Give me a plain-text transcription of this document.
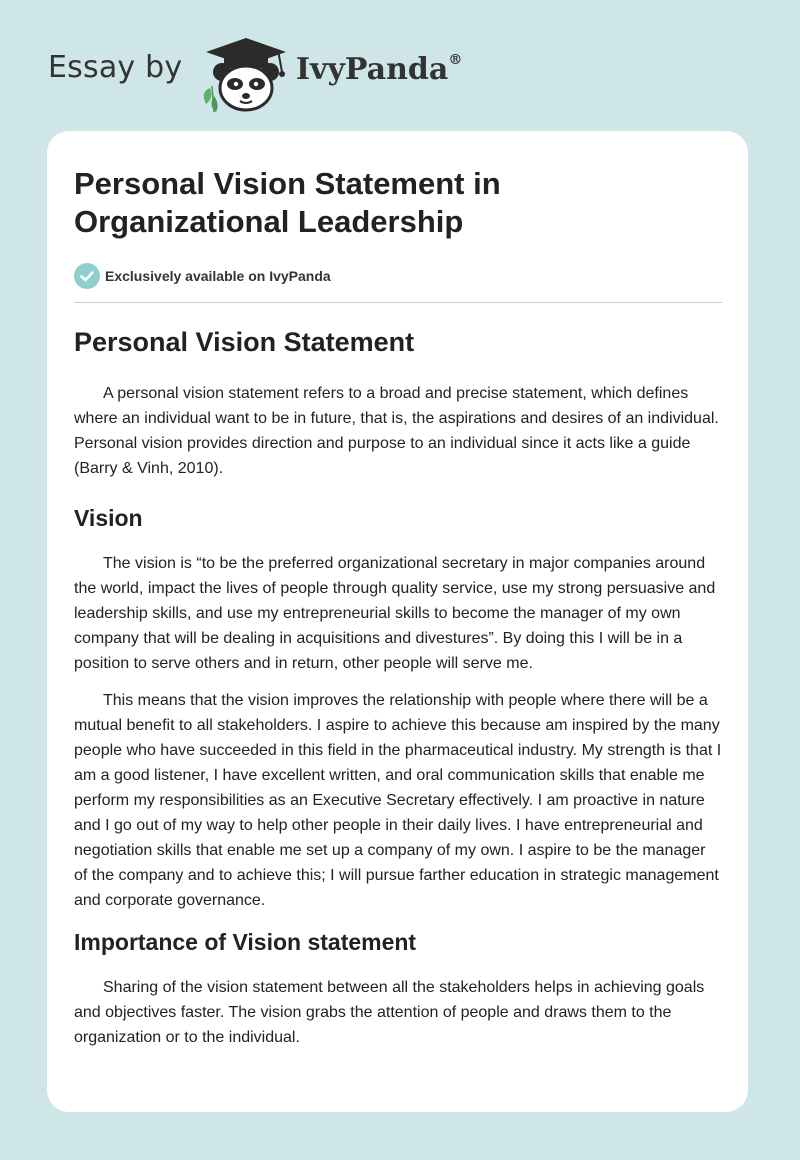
Essay by	IvyPanda®
Personal Vision Statement in Organizational Leadership
Exclusively available on IvyPanda
Personal Vision Statement

A personal vision statement refers to a broad and precise statement, which defines where an individual want to be in future, that is, the aspirations and desires of an individual. Personal vision provides direction and purpose to an individual since it acts like a guide (Barry & Vinh, 2010).

Vision

The vision is “to be the preferred organizational secretary in major companies around the world, impact the lives of people through quality service, use my strong persuasive and leadership skills, and use my entrepreneurial skills to become the manager of my own company that will be dealing in acquisitions and divestures”. By doing this I will be in a position to serve others and in return, other people will serve me.

This means that the vision improves the relationship with people where there will be a mutual benefit to all stakeholders. I aspire to achieve this because am inspired by the many people who have succeeded in this field in the pharmaceutical industry. My strength is that I am a good listener, I have excellent written, and oral communication skills that enable me perform my responsibilities as an Executive Secretary effectively. I am proactive in nature and I go out of my way to help other people in their daily lives. I have entrepreneurial and negotiation skills that enable me set up a company of my own. I aspire to be the manager of the company and to achieve this; I will pursue farther education in strategic management and corporate governance.

Importance of Vision statement

Sharing of the vision statement between all the stakeholders helps in achieving goals and objectives faster. The vision grabs the attention of people and draws them to the organization or to the individual.
